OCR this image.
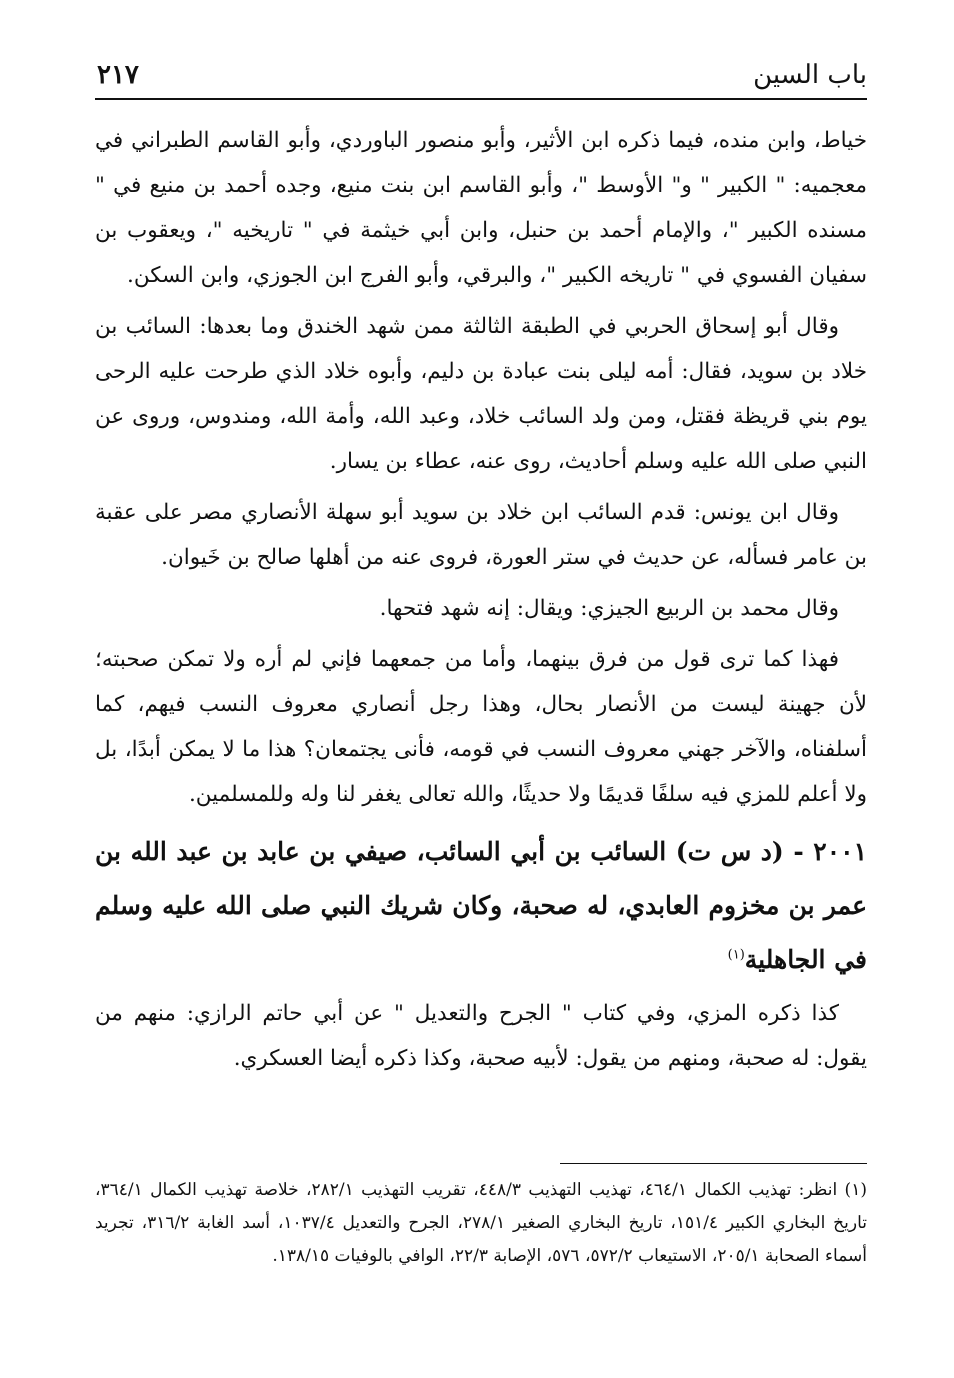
باب السين
٢١٧

خياط، وابن منده، فيما ذكره ابن الأثير، وأبو منصور الباوردي، وأبو القاسم الطبراني في معجميه: " الكبير " و" الأوسط "، وأبو القاسم ابن بنت منيع، وجده أحمد بن منيع في " مسنده الكبير "، والإمام أحمد بن حنبل، وابن أبي خيثمة في " تاريخيه "، ويعقوب بن سفيان الفسوي في " تاريخه الكبير "، والبرقي، وأبو الفرج ابن الجوزي، وابن السكن.

وقال أبو إسحاق الحربي في الطبقة الثالثة ممن شهد الخندق وما بعدها: السائب بن خلاد بن سويد، فقال: أمه ليلى بنت عبادة بن دليم، وأبوه خلاد الذي طرحت عليه الرحى يوم بني قريظة فقتل، ومن ولد السائب خلاد، وعبد الله، وأمة الله، ومندوس، وروى عن النبي صلى الله عليه وسلم أحاديث، روى عنه، عطاء بن يسار.

وقال ابن يونس: قدم السائب ابن خلاد بن سويد أبو سهلة الأنصاري مصر على عقبة بن عامر فسأله، عن حديث في ستر العورة، فروى عنه من أهلها صالح بن خَيوان.

وقال محمد بن الربيع الجيزي: ويقال: إنه شهد فتحها.

فهذا كما ترى قول من فرق بينهما، وأما من جمعهما فإني لم أره ولا تمكن صحبته؛ لأن جهينة ليست من الأنصار بحال، وهذا رجل أنصاري معروف النسب فيهم، كما أسلفناه، والآخر جهني معروف النسب في قومه، فأنى يجتمعان؟ هذا ما لا يمكن أبدًا، بل ولا أعلم للمزي فيه سلفًا قديمًا ولا حديثًا، والله تعالى يغفر لنا وله وللمسلمين.

٢٠٠١ - (د س ت) السائب بن أبي السائب، صيفي بن عابد بن عبد الله بن عمر بن مخزوم العابدي، له صحبة، وكان شريك النبي صلى الله عليه وسلم في الجاهلية$^{(١)}$

كذا ذكره المزي، وفي كتاب " الجرح والتعديل " عن أبي حاتم الرازي: منهم من يقول: له صحبة، ومنهم من يقول: لأبيه صحبة، وكذا ذكره أيضا العسكري.

(١) انظر: تهذيب الكمال ٤٦٤/١، تهذيب التهذيب ٤٤٨/٣، تقريب التهذيب ٢٨٢/١، خلاصة تهذيب الكمال ٣٦٤/١، تاريخ البخاري الكبير ١٥١/٤، تاريخ البخاري الصغير ٢٧٨/١، الجرح والتعديل ١٠٣٧/٤، أسد الغابة ٣١٦/٢، تجريد أسماء الصحابة ٢٠٥/١، الاستيعاب ٥٧٢/٢، ٥٧٦، الإصابة ٢٢/٣، الوافي بالوفيات ١٣٨/١٥.
